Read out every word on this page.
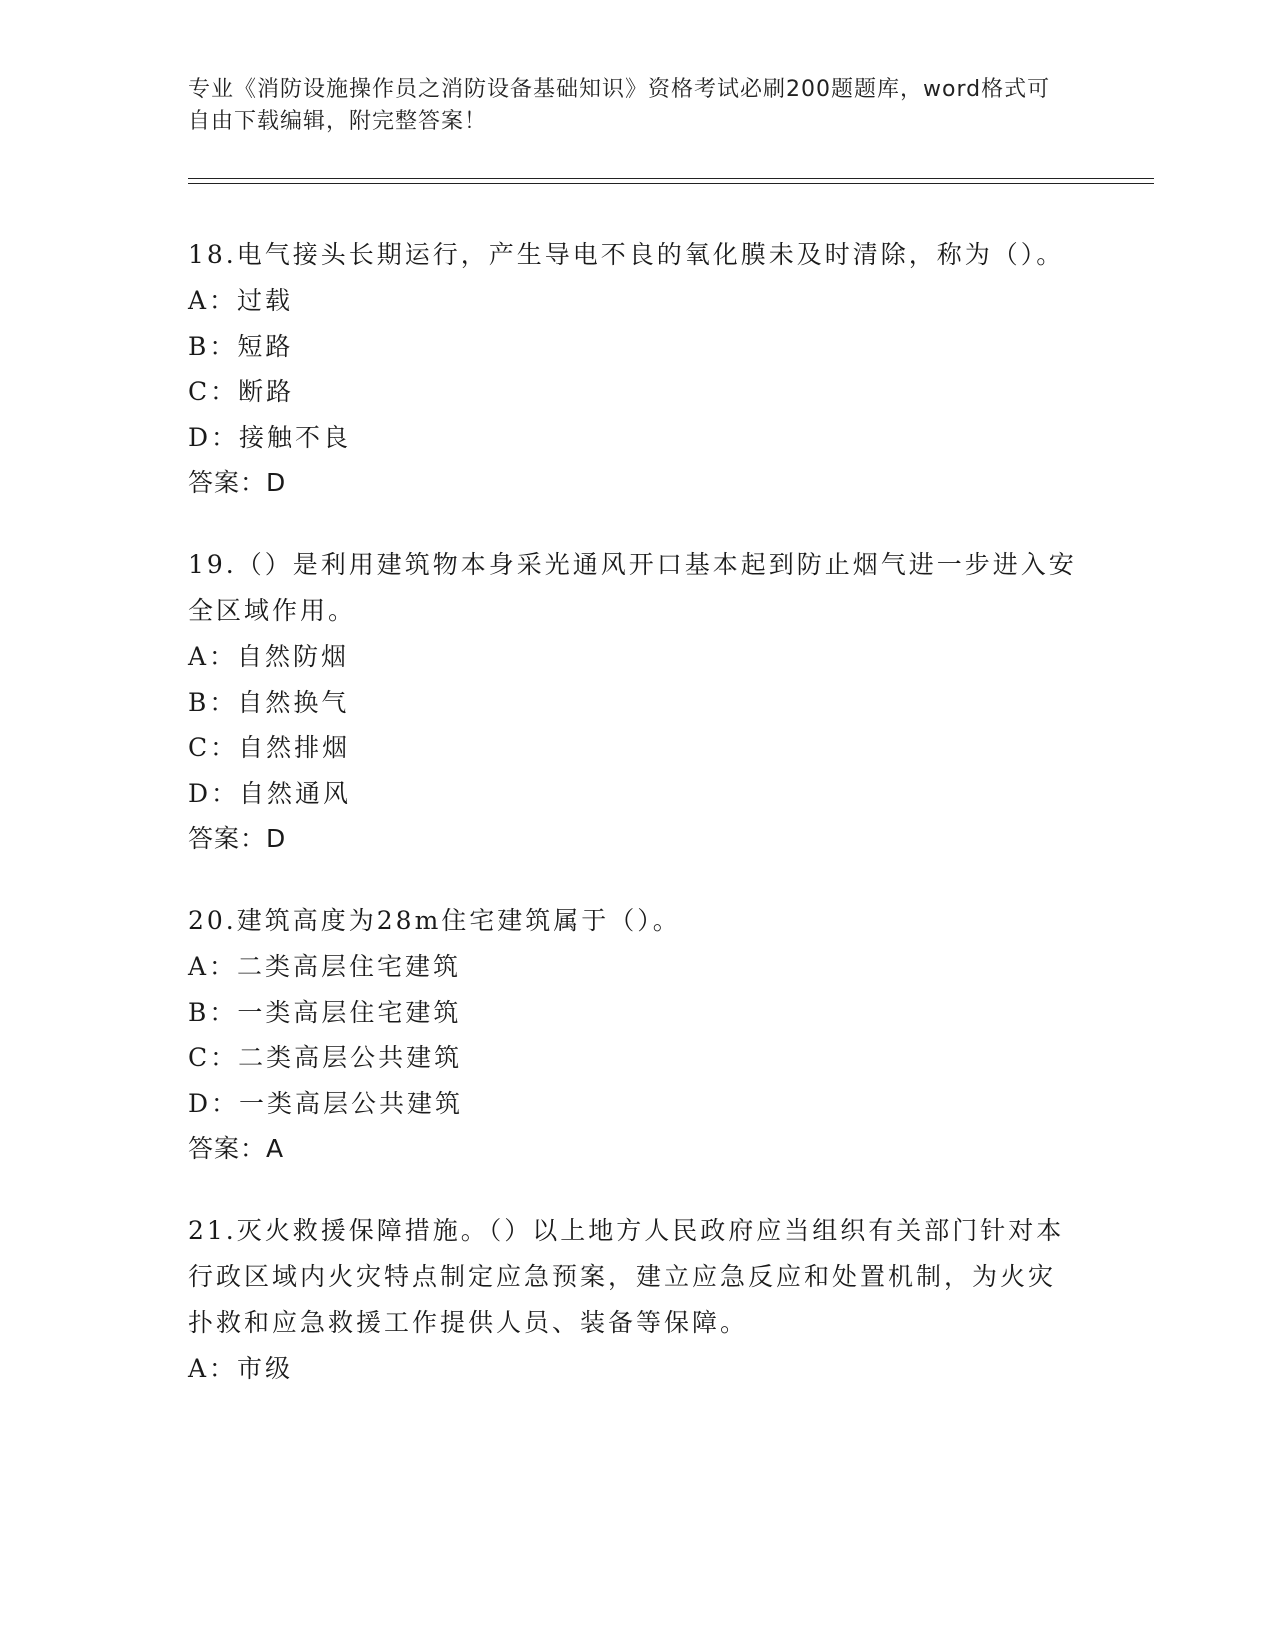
专业《消防设施操作员之消防设备基础知识》资格考试必刷200题题库，word格式可自由下载编辑，附完整答案！

18.电气接头长期运行，产生导电不良的氧化膜未及时清除，称为（）。

A：过载

B：短路

C：断路

D：接触不良

答案：D

19.（）是利用建筑物本身采光通风开口基本起到防止烟气进一步进入安全区域作用。

A：自然防烟

B：自然换气

C：自然排烟

D：自然通风

答案：D

20.建筑高度为28m住宅建筑属于（）。

A：二类高层住宅建筑

B：一类高层住宅建筑

C：二类高层公共建筑

D：一类高层公共建筑

答案：A

21.灭火救援保障措施。（）以上地方人民政府应当组织有关部门针对本行政区域内火灾特点制定应急预案，建立应急反应和处置机制，为火灾扑救和应急救援工作提供人员、装备等保障。

A：市级
